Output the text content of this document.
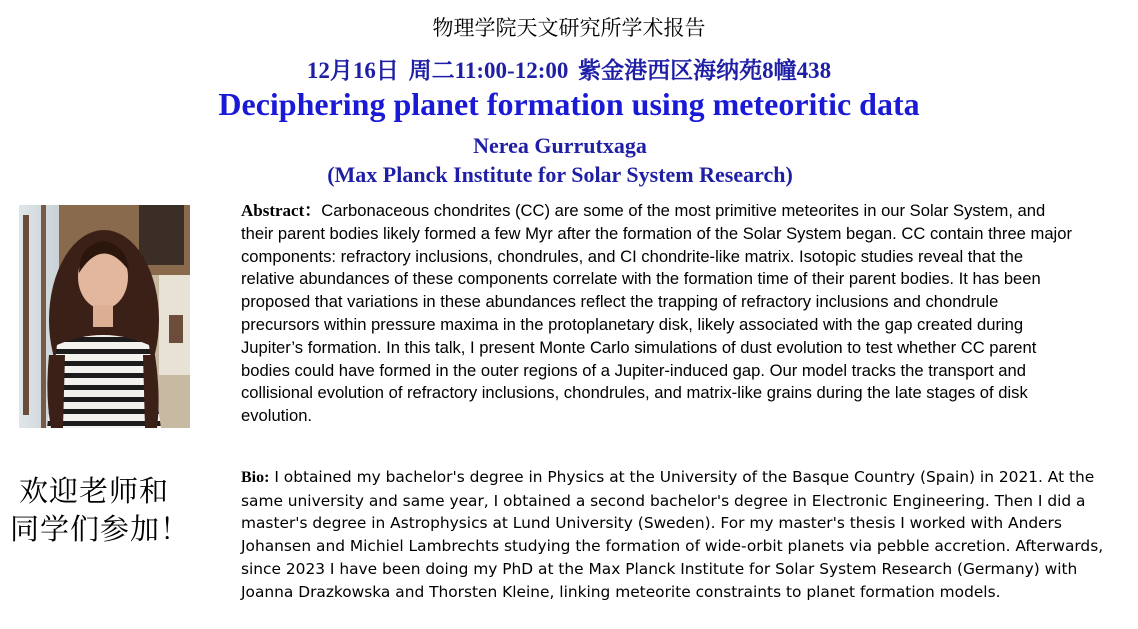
物理学院天文研究所学术报告
12月16日 周二11:00-12:00 紫金港西区海纳苑8幢438
Deciphering planet formation using meteoritic data
Nerea Gurrutxaga
(Max Planck Institute for Solar System Research)
Abstract：Carbonaceous chondrites (CC) are some of the most primitive meteorites in our Solar System, and their parent bodies likely formed a few Myr after the formation of the Solar System began. CC contain three major components: refractory inclusions, chondrules, and CI chondrite-like matrix. Isotopic studies reveal that the relative abundances of these components correlate with the formation time of their parent bodies. It has been proposed that variations in these abundances reflect the trapping of refractory inclusions and chondrule precursors within pressure maxima in the protoplanetary disk, likely associated with the gap created during Jupiter’s formation. In this talk, I present Monte Carlo simulations of dust evolution to test whether CC parent bodies could have formed in the outer regions of a Jupiter-induced gap. Our model tracks the transport and collisional evolution of refractory inclusions, chondrules, and matrix-like grains during the late stages of disk evolution.
欢迎老师和
同学们参加！
Bio: I obtained my bachelor's degree in Physics at the University of the Basque Country (Spain) in 2021. At the same university and same year, I obtained a second bachelor's degree in Electronic Engineering. Then I did a master's degree in Astrophysics at Lund University (Sweden). For my master's thesis I worked with Anders Johansen and Michiel Lambrechts studying the formation of wide-orbit planets via pebble accretion. Afterwards, since 2023 I have been doing my PhD at the Max Planck Institute for Solar System Research (Germany) with Joanna Drazkowska and Thorsten Kleine, linking meteorite constraints to planet formation models.
